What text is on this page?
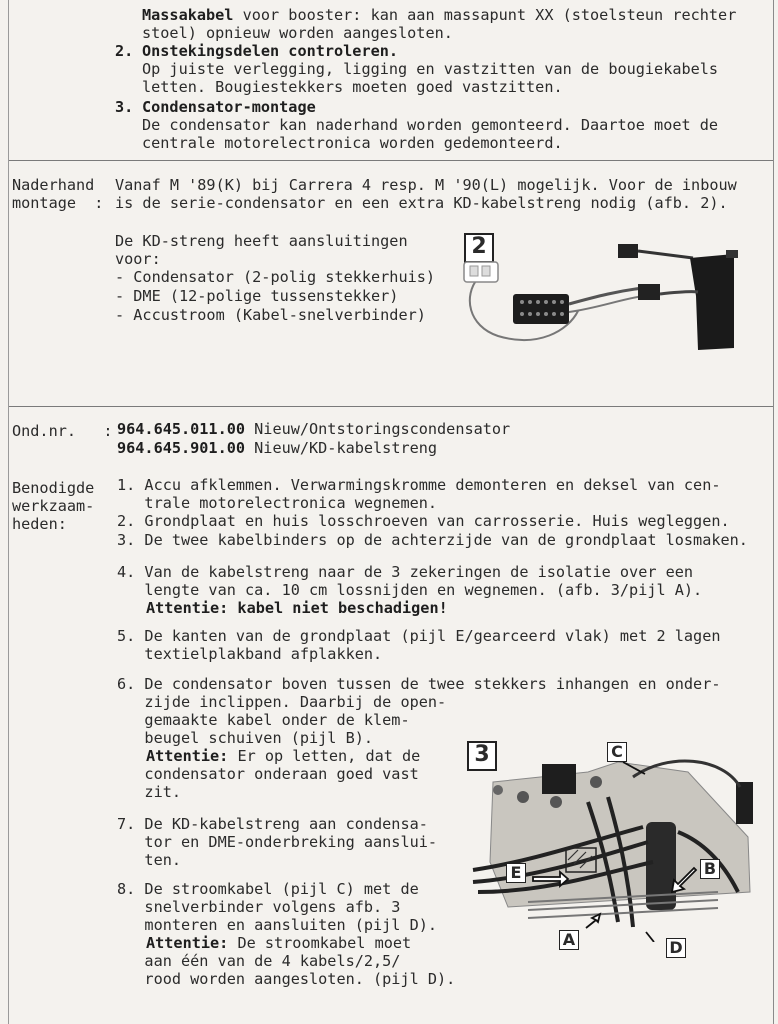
Massakabel voor booster: kan aan massapunt XX (stoelsteun rechter
stoel) opnieuw worden aangesloten.
2. Onstekingsdelen controleren.
Op juiste verlegging, ligging en vastzitten van de bougiekabels
letten. Bougiestekkers moeten goed vastzitten.
3. Condensator-montage
De condensator kan naderhand worden gemonteerd. Daartoe moet de
centrale motorelectronica worden gedemonteerd.
Naderhand
montage  :
Vanaf M '89(K) bij Carrera 4 resp. M '90(L) mogelijk. Voor de inbouw
is de serie-condensator en een extra KD-kabelstreng nodig (afb. 2).
De KD-streng heeft aansluitingen
voor:
- Condensator (2-polig stekkerhuis)
- DME (12-polige tussenstekker)
- Accustroom (Kabel-snelverbinder)
2
Ond.nr.   : 964.645.011.00 Nieuw/Ontstoringscondensator
964.645.901.00 Nieuw/KD-kabelstreng
Benodigde
werkzaam-
heden:
1. Accu afklemmen. Verwarmingskromme demonteren en deksel van cen-
trale motorelectronica wegnemen.
2. Grondplaat en huis losschroeven van carrosserie. Huis wegleggen.
3. De twee kabelbinders op de achterzijde van de grondplaat losmaken.
4. Van de kabelstreng naar de 3 zekeringen de isolatie over een
lengte van ca. 10 cm lossnijden en wegnemen. (afb. 3/pijl A).
Attentie: kabel niet beschadigen!
5. De kanten van de grondplaat (pijl E/gearceerd vlak) met 2 lagen
textielplakband afplakken.
6. De condensator boven tussen de twee stekkers inhangen en onder-
zijde inclippen. Daarbij de open-
gemaakte kabel onder de klem-
beugel schuiven (pijl B).
Attentie: Er op letten, dat de
condensator onderaan goed vast
zit.
7. De KD-kabelstreng aan condensa-
tor en DME-onderbreking aanslui-
ten.
8. De stroomkabel (pijl C) met de
snelverbinder volgens afb. 3
monteren en aansluiten (pijl D).
Attentie: De stroomkabel moet
aan één van de 4 kabels/2,5/
rood worden aangesloten. (pijl D).
3	C
E	B
A	D
